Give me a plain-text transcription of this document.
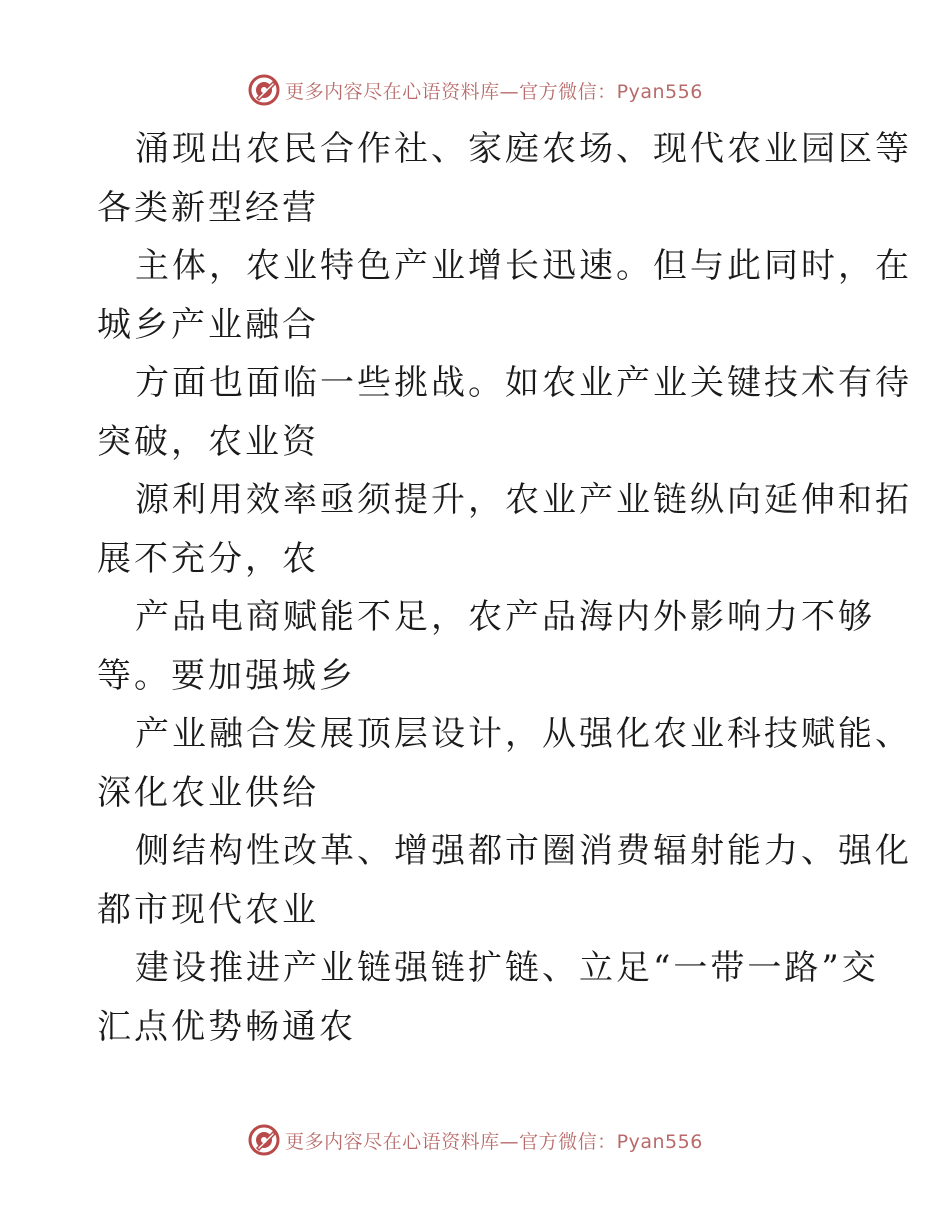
更多内容尽在心语资料库—官方微信：Pyan556
涌现出农民合作社、家庭农场、现代农业园区等
各类新型经营
主体，农业特色产业增长迅速。但与此同时，在
城乡产业融合
方面也面临一些挑战。如农业产业关键技术有待
突破，农业资
源利用效率亟须提升，农业产业链纵向延伸和拓
展不充分，农
产品电商赋能不足，农产品海内外影响力不够
等。要加强城乡
产业融合发展顶层设计，从强化农业科技赋能、
深化农业供给
侧结构性改革、增强都市圈消费辐射能力、强化
都市现代农业
建设推进产业链强链扩链、立足“一带一路”交
汇点优势畅通农
更多内容尽在心语资料库—官方微信：Pyan556
